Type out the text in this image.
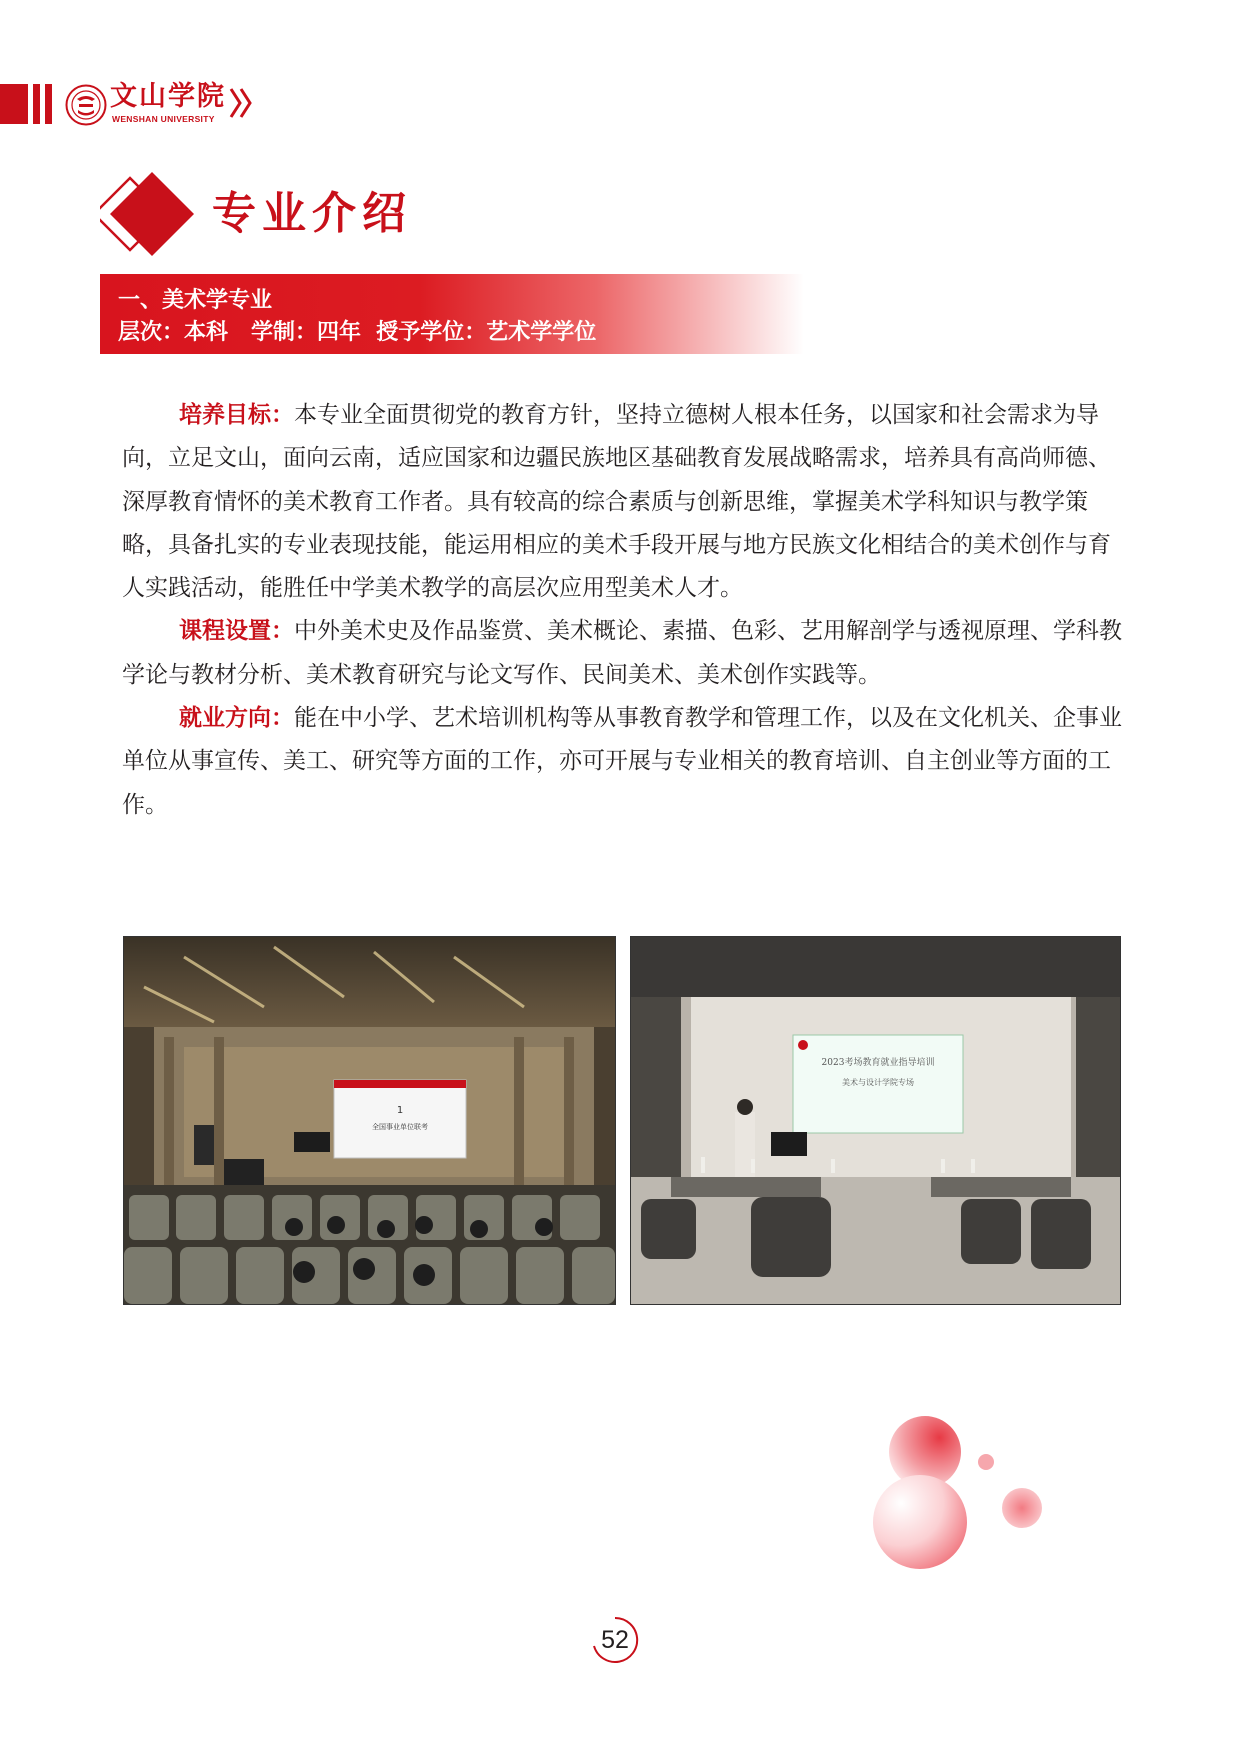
文山学院
WENSHAN UNIVERSITY
专业介绍
一、美术学专业
层次：本科   学制：四年  授予学位：艺术学学位

培养目标：本专业全面贯彻党的教育方针，坚持立德树人根本任务，以国家和社会需求为导向，立足文山，面向云南，适应国家和边疆民族地区基础教育发展战略需求，培养具有高尚师德、深厚教育情怀的美术教育工作者。具有较高的综合素质与创新思维，掌握美术学科知识与教学策略，具备扎实的专业表现技能，能运用相应的美术手段开展与地方民族文化相结合的美术创作与育人实践活动，能胜任中学美术教学的高层次应用型美术人才。

课程设置：中外美术史及作品鉴赏、美术概论、素描、色彩、艺用解剖学与透视原理、学科教学论与教材分析、美术教育研究与论文写作、民间美术、美术创作实践等。

就业方向：能在中小学、艺术培训机构等从事教育教学和管理工作，以及在文化机关、企事业单位从事宣传、美工、研究等方面的工作，亦可开展与专业相关的教育培训、自主创业等方面的工作。

1
全国事业单位联考
2023考场教育就业指导培训
美术与设计学院专场
52
